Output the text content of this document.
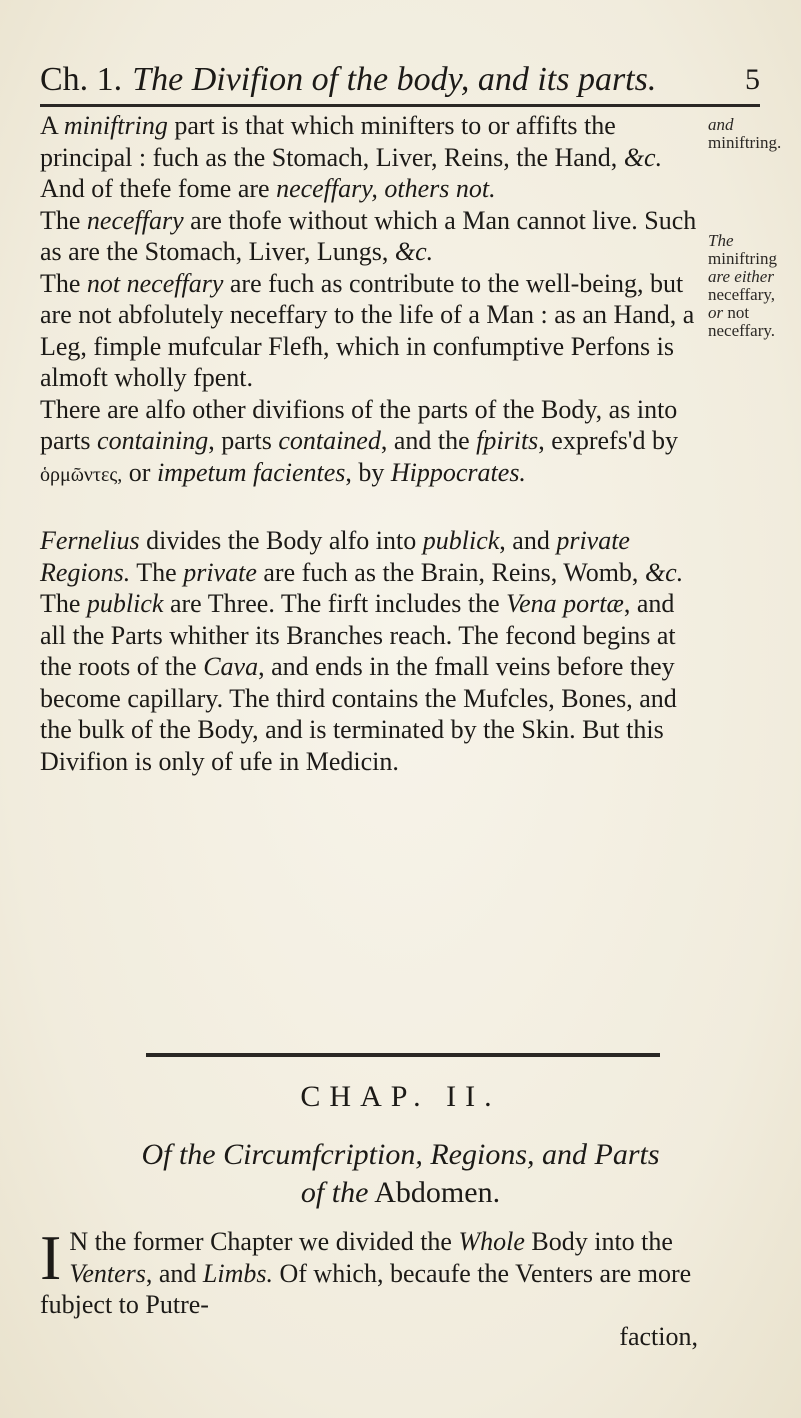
Ch. 1. The Divifion of the body, and its parts.	5

A miniftring part is that which minifters to or affifts the principal : fuch as the Stomach, Liver, Reins, the Hand, &c. And of thefe fome are neceffary, others not.

The neceffary are thofe without which a Man cannot live. Such as are the Stomach, Liver, Lungs, &c.

The not neceffary are fuch as contribute to the well-being, but are not abfolutely neceffary to the life of a Man : as an Hand, a Leg, fimple mufcular Flefh, which in confumptive Perfons is almoft wholly fpent.

There are alfo other divifions of the parts of the Body, as into parts containing, parts contained, and the fpirits, exprefs'd by ὁρμῶντες, or impetum facientes, by Hippocrates.

Fernelius divides the Body alfo into publick, and private Regions. The private are fuch as the Brain, Reins, Womb, &c. The publick are Three. The firft includes the Vena portæ, and all the Parts whither its Branches reach. The fecond begins at the roots of the Cava, and ends in the fmall veins before they become capillary. The third contains the Mufcles, Bones, and the bulk of the Body, and is terminated by the Skin. But this Divifion is only of ufe in Medicin.

and miniftring.
The miniftring are either neceffary, or not neceffary.
CHAP. II.
Of the Circumfcription, Regions, and Parts
of the Abdomen.
I N the former Chapter we divided the Whole Body into the Venters, and Limbs. Of which, becaufe the Venters are more fubject to Putre-
faction,
